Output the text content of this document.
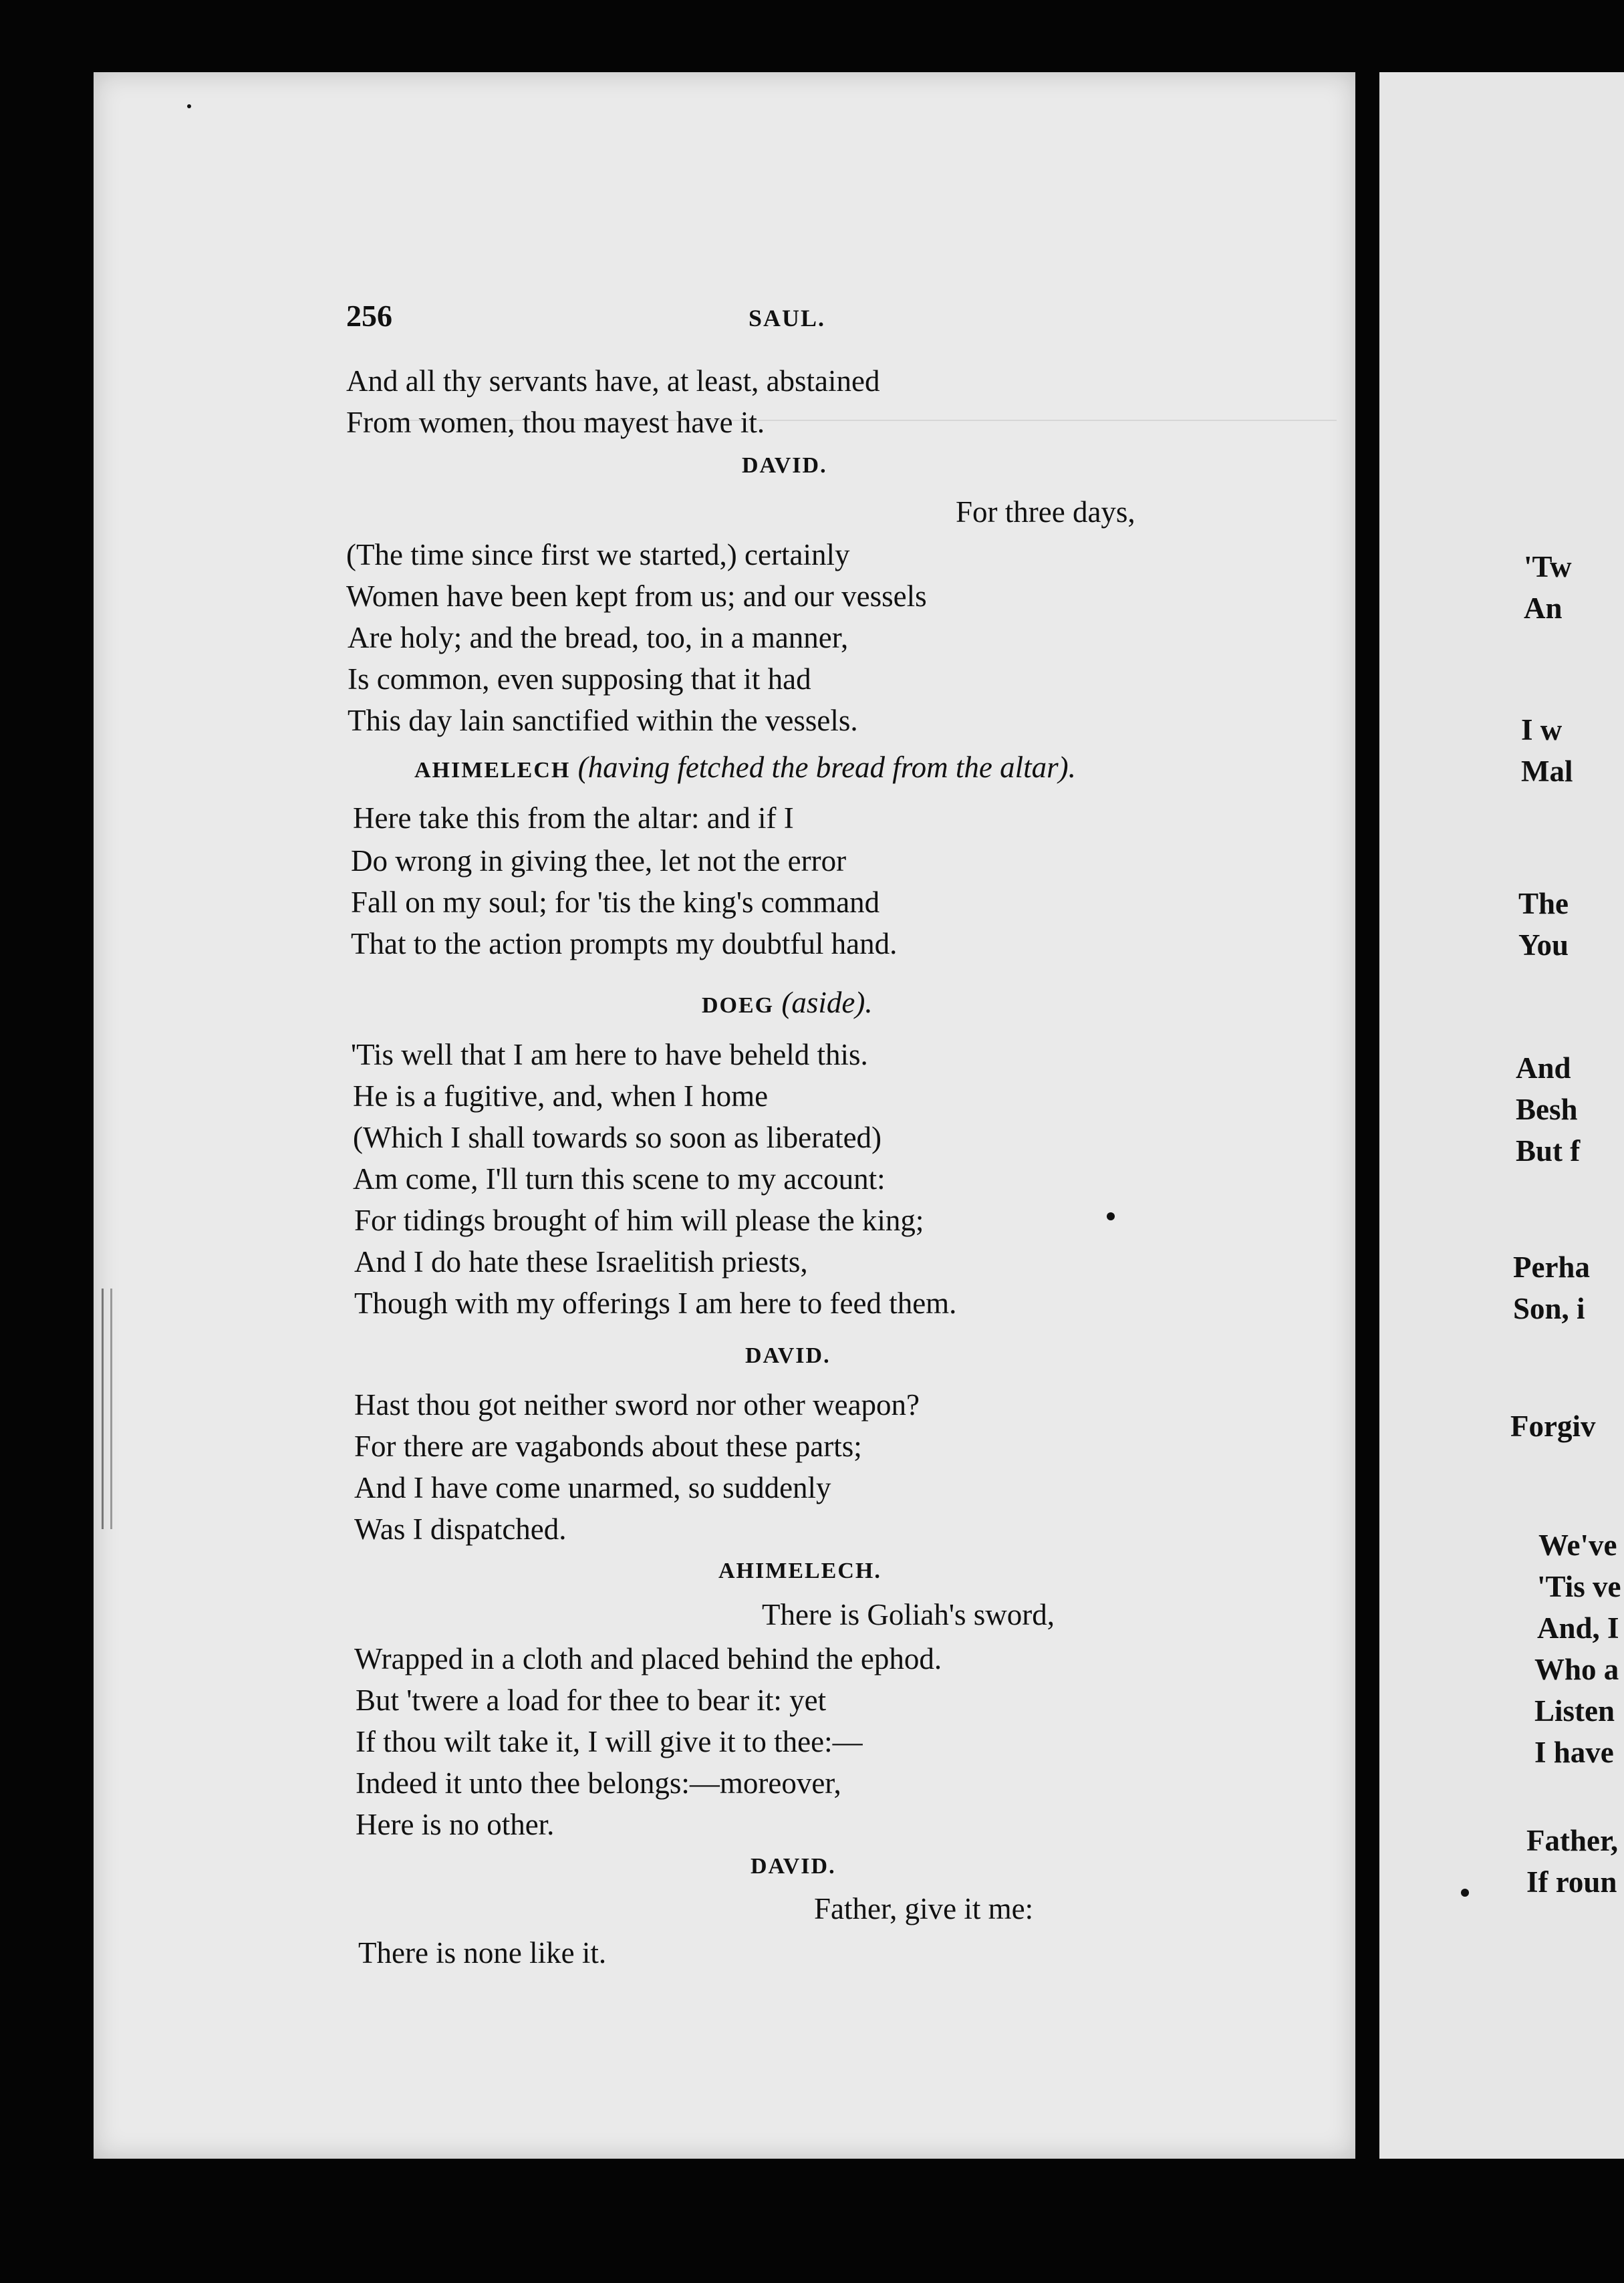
256	SAUL.
And all thy servants have, at least, abstained
From women, thou mayest have it.
DAVID.
For three days,
(The time since first we started,) certainly
Women have been kept from us; and our vessels
Are holy; and the bread, too, in a manner,
Is common, even supposing that it had
This day lain sanctified within the vessels.
AHIMELECH (having fetched the bread from the altar).
Here take this from the altar: and if I
Do wrong in giving thee, let not the error
Fall on my soul; for 'tis the king's command
That to the action prompts my doubtful hand.
DOEG (aside).
'Tis well that I am here to have beheld this.
He is a fugitive, and, when I home
(Which I shall towards so soon as liberated)
Am come, I'll turn this scene to my account:
For tidings brought of him will please the king;
And I do hate these Israelitish priests,
Though with my offerings I am here to feed them.
DAVID.
Hast thou got neither sword nor other weapon?
For there are vagabonds about these parts;
And I have come unarmed, so suddenly
Was I dispatched.
AHIMELECH.
There is Goliah's sword,
Wrapped in a cloth and placed behind the ephod.
But 'twere a load for thee to bear it: yet
If thou wilt take it, I will give it to thee:—
Indeed it unto thee belongs:—moreover,
Here is no other.
DAVID.
Father, give it me:
There is none like it.
'Tw
An
I w
Mal
The
You
And
Besh
But f
Perha
Son, i
Forgiv
We've
'Tis ve
And, I
Who a
Listen
I have
Father,
If roun
